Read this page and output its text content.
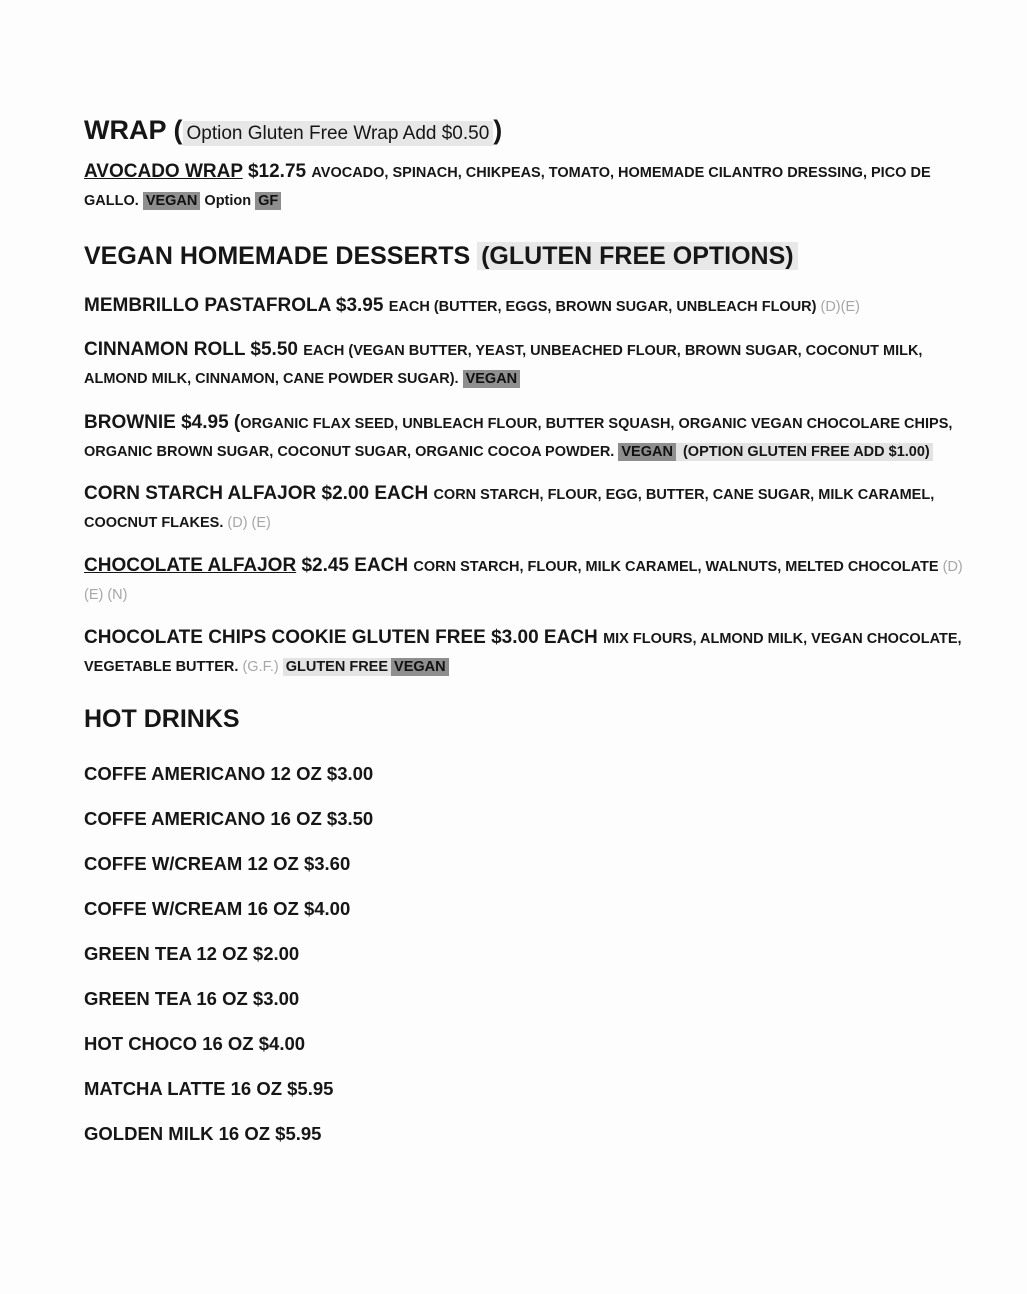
WRAP ( Option Gluten Free Wrap Add $0.50 )

AVOCADO WRAP $12.75 AVOCADO, SPINACH, CHIKPEAS, TOMATO, HOMEMADE CILANTRO DRESSING, PICO DE GALLO. VEGAN Option GF

VEGAN HOMEMADE DESSERTS (GLUTEN FREE OPTIONS)

MEMBRILLO PASTAFROLA $3.95 EACH (BUTTER, EGGS, BROWN SUGAR, UNBLEACH FLOUR) (D)(E)

CINNAMON ROLL $5.50 EACH (VEGAN BUTTER, YEAST, UNBEACHED FLOUR, BROWN SUGAR, COCONUT MILK, ALMOND MILK, CINNAMON, CANE POWDER SUGAR). VEGAN

BROWNIE $4.95 (ORGANIC FLAX SEED, UNBLEACH FLOUR, BUTTER SQUASH, ORGANIC VEGAN CHOCOLARE CHIPS, ORGANIC BROWN SUGAR, COCONUT SUGAR, ORGANIC COCOA POWDER. VEGAN (OPTION GLUTEN FREE ADD $1.00)

CORN STARCH ALFAJOR $2.00 EACH CORN STARCH, FLOUR, EGG, BUTTER, CANE SUGAR, MILK CARAMEL, COOCNUT FLAKES. (D) (E)

CHOCOLATE ALFAJOR $2.45 EACH CORN STARCH, FLOUR, MILK CARAMEL, WALNUTS, MELTED CHOCOLATE (D) (E) (N)

CHOCOLATE CHIPS COOKIE GLUTEN FREE $3.00 EACH MIX FLOURS, ALMOND MILK, VEGAN CHOCOLATE, VEGETABLE BUTTER. (G.F.) GLUTEN FREE VEGAN

HOT DRINKS

COFFE AMERICANO 12 OZ $3.00

COFFE AMERICANO 16 OZ $3.50

COFFE W/CREAM 12 OZ $3.60

COFFE W/CREAM 16 OZ $4.00

GREEN TEA 12 OZ $2.00

GREEN TEA 16 OZ $3.00

HOT CHOCO 16 OZ $4.00

MATCHA LATTE 16 OZ $5.95

GOLDEN MILK 16 OZ $5.95
